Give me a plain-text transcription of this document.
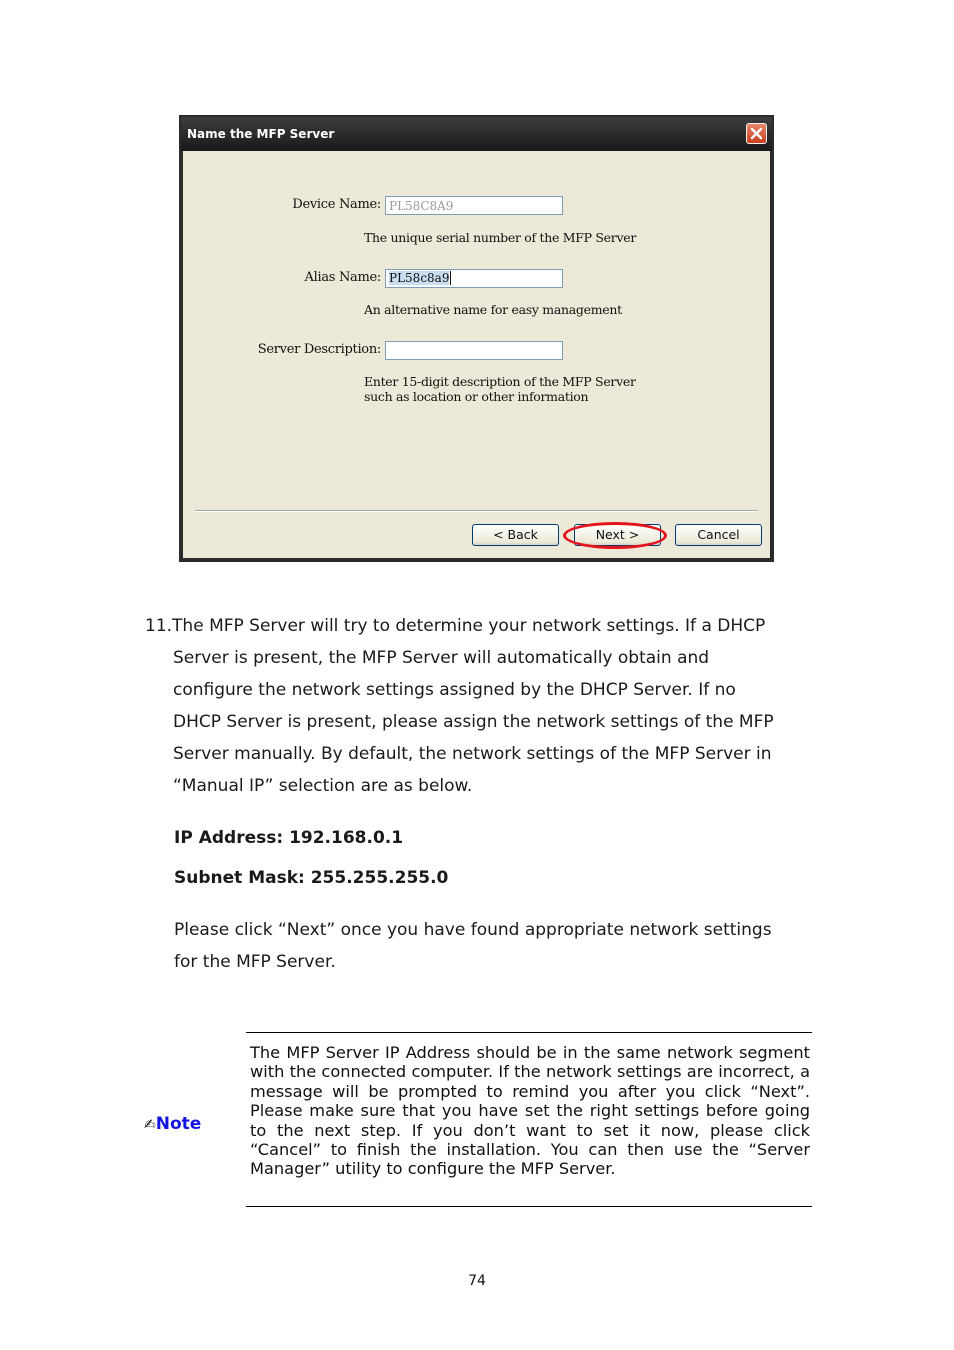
Name the MFP Server
Device Name:
PL58C8A9
The unique serial number of the MFP Server
Alias Name: PL58c8a9
An alternative name for easy management
Server Description:
Enter 15-digit description of the MFP Server
such as location or other information
< Back	Next >	Cancel
11.The MFP Server will try to determine your network settings. If a DHCP
Server is present, the MFP Server will automatically obtain and
configure the network settings assigned by the DHCP Server. If no
DHCP Server is present, please assign the network settings of the MFP
Server manually. By default, the network settings of the MFP Server in
“Manual IP” selection are as below.
IP Address: 192.168.0.1
Subnet Mask: 255.255.255.0
Please click “Next” once you have found appropriate network settings
for the MFP Server.
✍Note

The MFP Server IP Address should be in the same network segment with the connected computer. If the network settings are incorrect, a message will be prompted to remind you after you click “Next”. Please make sure that you have set the right settings before going to the next step. If you don’t want to set it now, please click “Cancel” to finish the installation. You can then use the “Server Manager” utility to configure the MFP Server.

74
